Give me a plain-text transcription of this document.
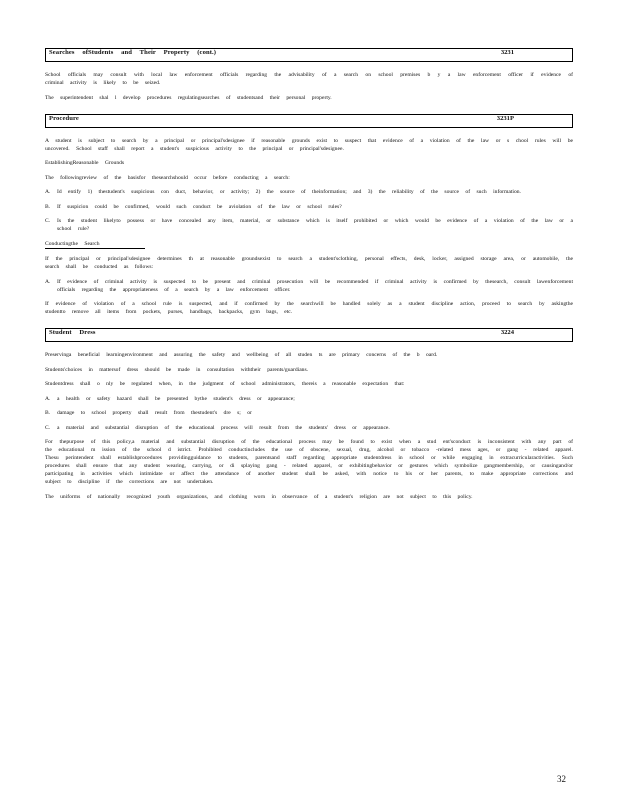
Searches ofStudents and Their Property (cont.)	3231

School officials may consult with local law enforcement officials regarding the advisability of a search on school premises b y a law enforcement officer if evidence of criminal activity is likely to be seized.

The superintendent shal l develop procedures regulatingsearches of studentsand their personal property.

Procedure	3231P

A student is subject to search by a principal or principal'sdesignee if reasonable grounds exist to suspect that evidence of a violation of the law or s chool rules will be uncovered. School staff shall report a student's suspicious activity to the principal or principal'sdesignee.

EstablishingReasonable Grounds

The followingreview of the basisfor thesearchshould occur before conducting a search:

A.	Id entify 1) thestudent's suspicious con duct, behavior, or activity; 2) the source of theinformation; and 3) the reliability of the source of such information.
B.	If suspicion could be confirmed, would such conduct be aviolation of the law or school rules?
C.	Is the student likelyto possess or have concealed any item, material, or substance which is itself prohibited or which would be evidence of a violation of the law or a school rule?

Conductingthe Search

If the principal or principal'sdesignee determines th at reasonable groundsexist to search a student'sclothing, personal effects, desk, locker, assigned storage area, or automobile, the search shall be conducted as follows:

A.	If evidence of criminal activity is suspected to be present and criminal prosecution will be recommended if criminal activity is confirmed by thesearch, consult lawenforcement officials regarding the appropriateness of a search by a law enforcement officer.

If evidence of violation of a school rule is suspected, and if confirmed by the searchwill be handled solely as a student discipline action, proceed to search by askingthe studentto remove all items from pockets, purses, handbags, backpacks, gym bags, etc.

Student Dress	3224

Preservinga beneficial learningenvironment and assuring the safety and wellbeing of all studen ts are primary concerns of the b oard.

Students'choices in mattersof dress should be made in consultation withtheir parents/guardians.

Studentdress shall o nly be regulated when, in the judgment of school administrators, thereis a reasonable expectation that:

A.	a health or safety hazard shall be presented bythe student's dress or appearance;
B.	damage to school property shall result from thestudent's dre s; or
C.	a material and substantial disruption of the educational process will result from the students' dress or appearance.

For thepurpose of this policy,a material and substantial disruption of the educational process may be found to exist when a stud ent'sconduct is inconsistent with any part of the educational m ission of the school d istrict. Prohibited conductincludes the use of obscene, sexual, drug, alcohol or tobacco -related mess ages, or gang - related apparel. Thesu perintendent shall establishprocedures providingguidance to students, parentsand staff regarding appropriate studentdress in school or while engaging in extracurricularactivities. Such procedures shall ensure that any student wearing, carrying, or di splaying gang - related apparel, or exhibitingbehavior or gestures which symbolize gangmembership, or causingand/or participating in activities which intimidate or affect the attendance of another student shall be asked, with notice to his or her parents, to make appropriate corrections and subject to discipline if the corrections are not undertaken.

The uniforms of nationally recognized youth organizations, and clothing worn in observance of a student's religion are not subject to this policy.

32
